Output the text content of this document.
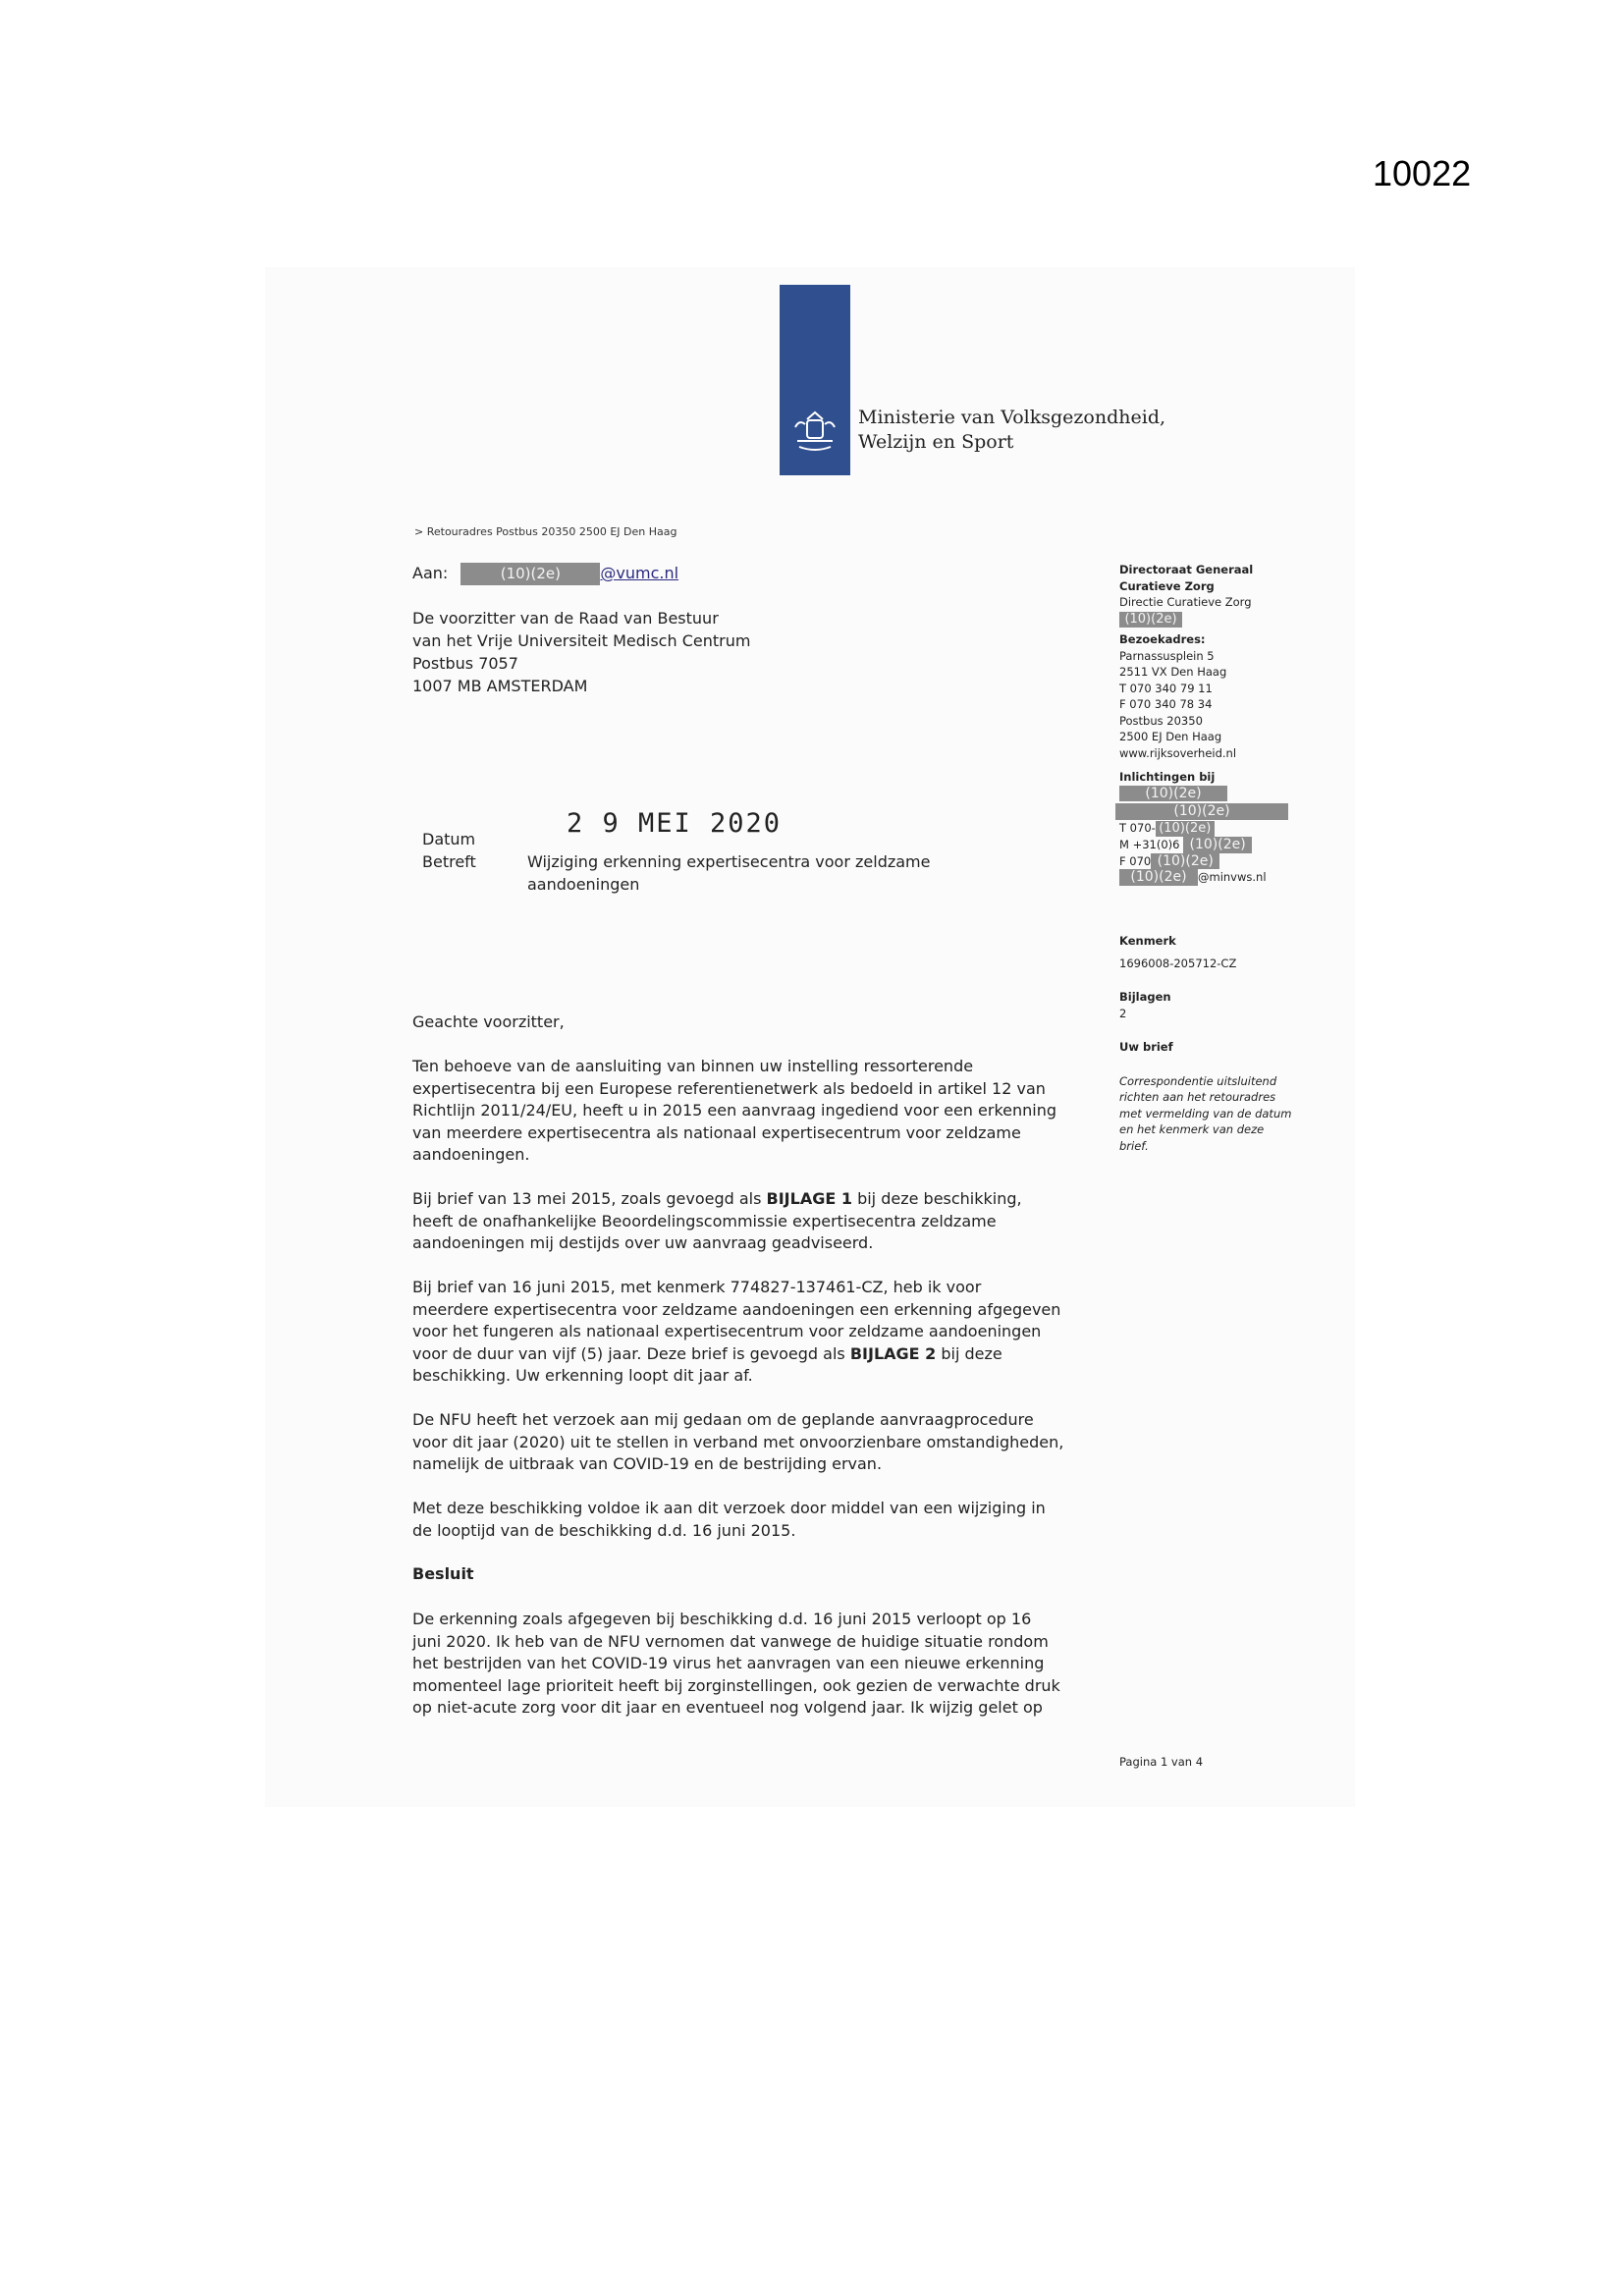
10022
Ministerie van Volksgezondheid,
Welzijn en Sport
> Retouradres Postbus 20350 2500 EJ Den Haag
Aan:	(10)(2e)	@vumc.nl
De voorzitter van de Raad van Bestuur
van het Vrije Universiteit Medisch Centrum
Postbus 7057
1007 MB AMSTERDAM
2 9 MEI 2020
Datum
Betreft	Wijziging erkenning expertisecentra voor zeldzame
aandoeningen
Directoraat Generaal
Curatieve Zorg
Directie Curatieve Zorg
(10)(2e)
Bezoekadres:
Parnassusplein 5
2511 VX Den Haag
T 070 340 79 11
F 070 340 78 34
Postbus 20350
2500 EJ Den Haag
www.rijksoverheid.nl
Inlichtingen bij
(10)(2e)
(10)(2e)
T 070- (10)(2e)
M +31(0)6 (10)(2e)
F 070 (10)(2e)
(10)(2e) @minvws.nl
Kenmerk
1696008-205712-CZ
Bijlagen
2
Uw brief
Correspondentie uitsluitend
richten aan het retouradres
met vermelding van de datum
en het kenmerk van deze
brief.
Pagina 1 van 4
Geachte voorzitter,
Ten behoeve van de aansluiting van binnen uw instelling ressorterende
expertisecentra bij een Europese referentienetwerk als bedoeld in artikel 12 van
Richtlijn 2011/24/EU, heeft u in 2015 een aanvraag ingediend voor een erkenning
van meerdere expertisecentra als nationaal expertisecentrum voor zeldzame
aandoeningen.
Bij brief van 13 mei 2015, zoals gevoegd als BIJLAGE 1 bij deze beschikking,
heeft de onafhankelijke Beoordelingscommissie expertisecentra zeldzame
aandoeningen mij destijds over uw aanvraag geadviseerd.
Bij brief van 16 juni 2015, met kenmerk 774827-137461-CZ, heb ik voor
meerdere expertisecentra voor zeldzame aandoeningen een erkenning afgegeven
voor het fungeren als nationaal expertisecentrum voor zeldzame aandoeningen
voor de duur van vijf (5) jaar. Deze brief is gevoegd als BIJLAGE 2 bij deze
beschikking. Uw erkenning loopt dit jaar af.
De NFU heeft het verzoek aan mij gedaan om de geplande aanvraagprocedure
voor dit jaar (2020) uit te stellen in verband met onvoorzienbare omstandigheden,
namelijk de uitbraak van COVID-19 en de bestrijding ervan.
Met deze beschikking voldoe ik aan dit verzoek door middel van een wijziging in
de looptijd van de beschikking d.d. 16 juni 2015.
Besluit
De erkenning zoals afgegeven bij beschikking d.d. 16 juni 2015 verloopt op 16
juni 2020. Ik heb van de NFU vernomen dat vanwege de huidige situatie rondom
het bestrijden van het COVID-19 virus het aanvragen van een nieuwe erkenning
momenteel lage prioriteit heeft bij zorginstellingen, ook gezien de verwachte druk
op niet-acute zorg voor dit jaar en eventueel nog volgend jaar. Ik wijzig gelet op
